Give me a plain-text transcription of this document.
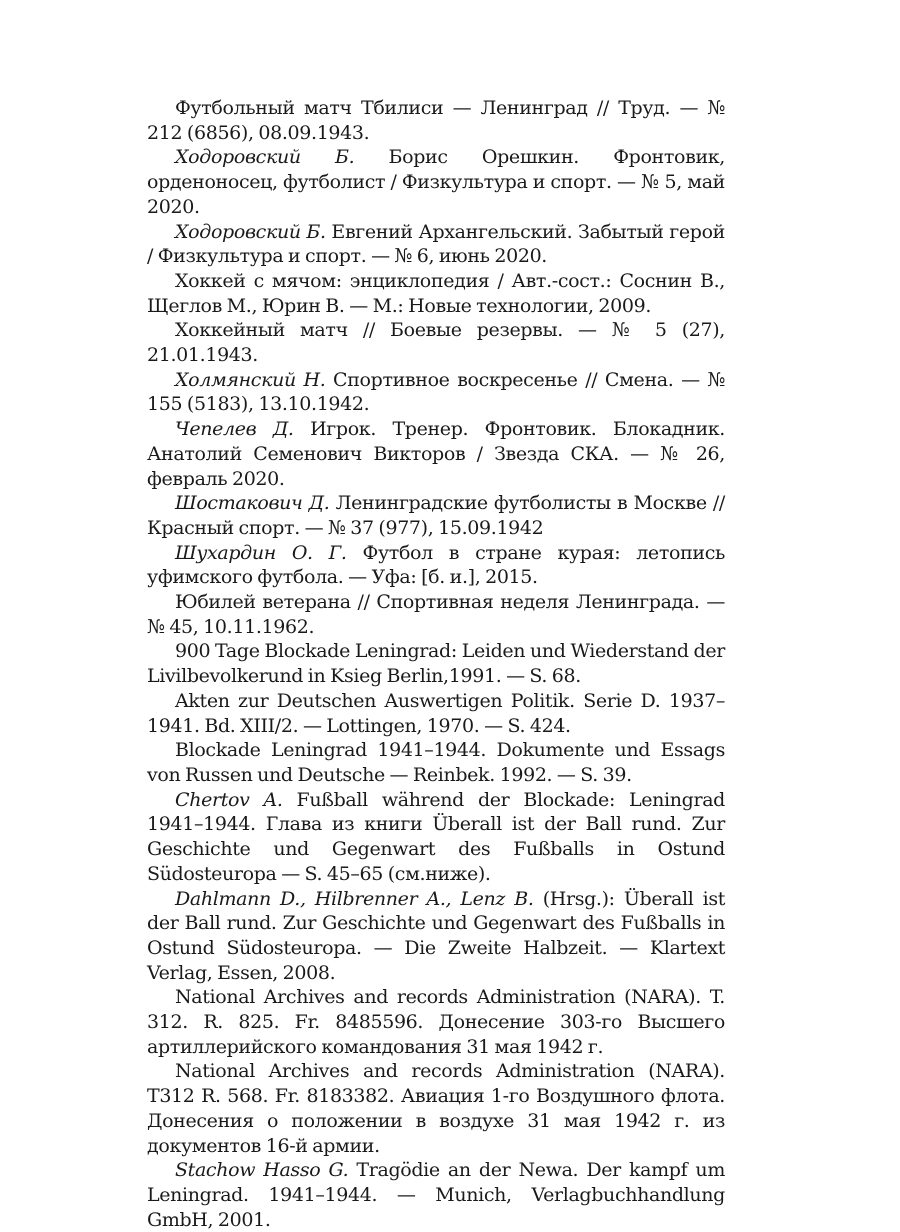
Футбольный матч Тбилиси — Ленинград // Труд. — № 212 (6856), 08.09.1943.

Ходоровский Б. Борис Орешкин. Фронтовик, орденоносец, футболист / Физкультура и спорт. — № 5, май 2020.

Ходоровский Б. Евгений Архангельский. Забытый герой / Физкультура и спорт. — № 6, июнь 2020.

Хоккей с мячом: энциклопедия / Авт.-сост.: Соснин В., Щеглов М., Юрин В. — М.: Новые технологии, 2009.

Хоккейный матч // Боевые резервы. — № 5 (27), 21.01.1943.

Холмянский Н. Спортивное воскресенье // Смена. — № 155 (5183), 13.10.1942.

Чепелев Д. Игрок. Тренер. Фронтовик. Блокадник. Анатолий Семенович Викторов / Звезда СКА. — № 26, февраль 2020.

Шостакович Д. Ленинградские футболисты в Москве // Красный спорт. — № 37 (977), 15.09.1942

Шухардин О. Г. Футбол в стране курая: летопись уфимского футбола. — Уфа: [б. и.], 2015.

Юбилей ветерана // Спортивная неделя Ленинграда. — № 45, 10.11.1962.

900 Tage Blockade Leningrad: Leiden und Wiederstand der Livilbevolkerund in Ksieg Berlin,1991. — S. 68.

Akten zur Deutschen Auswertigen Politik. Serie D. 1937–1941. Bd. XIII/2. — Lottingen, 1970. — S. 424.

Blockade Leningrad 1941–1944. Dokumente und Essags von Russen und Deutsche — Reinbek. 1992. — S. 39.

Chertov A. Fußball während der Blockade: Leningrad 1941–1944. Глава из книги Überall ist der Ball rund. Zur Geschichte und Gegenwart des Fußballs in Ostund Südosteuropa — S. 45–65 (см.ниже).

Dahlmann D., Hilbrenner A., Lenz B. (Hrsg.): Überall ist der Ball rund. Zur Geschichte und Gegenwart des Fußballs in Ostund Südosteuropa. — Die Zweite Halbzeit. — Klartext Verlag, Essen, 2008.

National Archives and records Administration (NARA). T. 312. R. 825. Fr. 8485596. Донесение 303-го Высшего артиллерийского командования 31 мая 1942 г.

National Archives and records Administration (NARA). T312 R. 568. Fr. 8183382. Авиация 1-го Воздушного флота. Донесения о положении в воздухе 31 мая 1942 г. из документов 16-й армии.

Stachow Hasso G. Tragödie an der Newa. Der kampf um Leningrad. 1941–1944. — Munich, Verlagbuchhandlung GmbH, 2001.
